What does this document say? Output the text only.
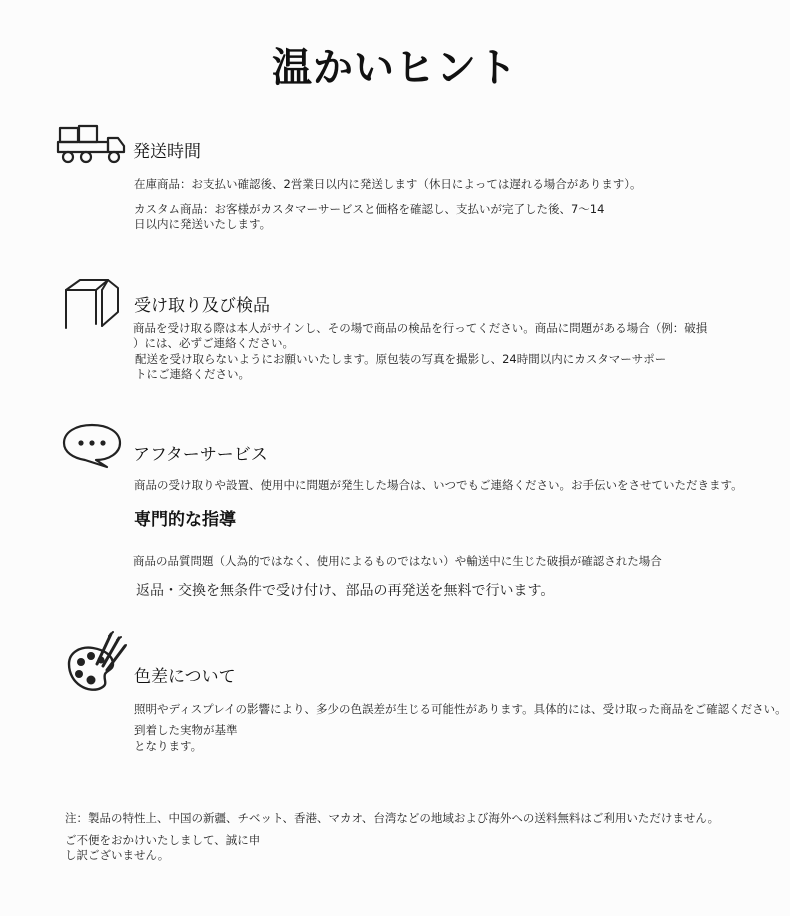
温かいヒント
発送時間
在庫商品：お支払い確認後、2営業日以内に発送します（休日によっては遅れる場合があります）。
カスタム商品：お客様がカスタマーサービスと価格を確認し、支払いが完了した後、7〜14
日以内に発送いたします。
受け取り及び検品
商品を受け取る際は本人がサインし、その場で商品の検品を行ってください。商品に問題がある場合（例：破損
）には、必ずご連絡ください。
配送を受け取らないようにお願いいたします。原包装の写真を撮影し、24時間以内にカスタマーサポー
トにご連絡ください。
アフターサービス
商品の受け取りや設置、使用中に問題が発生した場合は、いつでもご連絡ください。お手伝いをさせていただきます。
専門的な指導
商品の品質問題（人為的ではなく、使用によるものではない）や輸送中に生じた破損が確認された場合
返品・交換を無条件で受け付け、部品の再発送を無料で行います。
色差について
照明やディスプレイの影響により、多少の色誤差が生じる可能性があります。具体的には、受け取った商品をご確認ください。
到着した実物が基準
となります。
注：製品の特性上、中国の新疆、チベット、香港、マカオ、台湾などの地域および海外への送料無料はご利用いただけません。
ご不便をおかけいたしまして、誠に申
し訳ございません。
